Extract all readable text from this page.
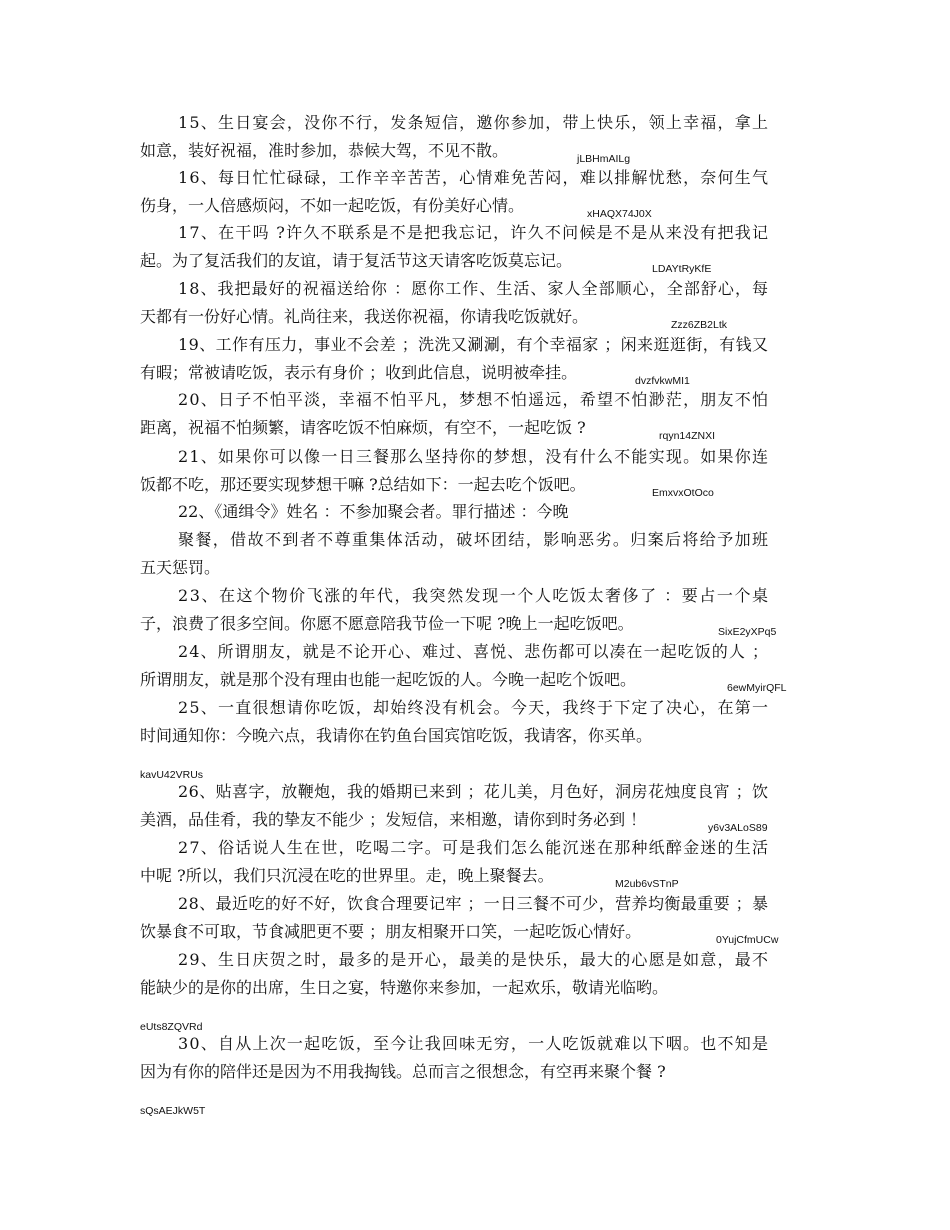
15、生日宴会，没你不行，发条短信，邀你参加，带上快乐，领上幸福，拿上
如意，装好祝福，准时参加，恭候大驾，不见不散。	jLBHmAILg
16、每日忙忙碌碌，工作辛辛苦苦，心情难免苦闷，难以排解忧愁，奈何生气
伤身，一人倍感烦闷，不如一起吃饭，有份美好心情。	xHAQX74J0X
17、在干吗 ?许久不联系是不是把我忘记，许久不问候是不是从来没有把我记
起。为了复活我们的友谊，请于复活节这天请客吃饭莫忘记。	LDAYtRyKfE
18、我把最好的祝福送给你 ：愿你工作、生活、家人全部顺心，全部舒心，每
天都有一份好心情。礼尚往来，我送你祝福，你请我吃饭就好。	Zzz6ZB2Ltk
19、工作有压力，事业不会差 ；洗洗又涮涮，有个幸福家 ；闲来逛逛街，有钱又
有暇；常被请吃饭，表示有身价 ；收到此信息，说明被牵挂。	dvzfvkwMI1
20、日子不怕平淡，幸福不怕平凡，梦想不怕遥远，希望不怕渺茫，朋友不怕
距离，祝福不怕频繁，请客吃饭不怕麻烦，有空不，一起吃饭 ?	rqyn14ZNXI
21、如果你可以像一日三餐那么坚持你的梦想，没有什么不能实现。如果你连
饭都不吃，那还要实现梦想干嘛 ?总结如下：一起去吃个饭吧。	EmxvxOtOco
22、《通缉令》姓名 ：不参加聚会者。罪行描述 ：今晚
聚餐，借故不到者不尊重集体活动，破坏团结，影响恶劣。归案后将给予加班
五天惩罚。
23、在这个物价飞涨的年代，我突然发现一个人吃饭太奢侈了 ：要占一个桌
子，浪费了很多空间。你愿不愿意陪我节俭一下呢 ?晚上一起吃饭吧。	SixE2yXPq5
24、所谓朋友，就是不论开心、难过、喜悦、悲伤都可以凑在一起吃饭的人 ；
所谓朋友，就是那个没有理由也能一起吃饭的人。今晚一起吃个饭吧。	6ewMyirQFL
25、一直很想请你吃饭，却始终没有机会。今天，我终于下定了决心，在第一
时间通知你：今晚六点，我请你在钓鱼台国宾馆吃饭，我请客，你买单。
kavU42VRUs
26、贴喜字，放鞭炮，我的婚期已来到 ；花儿美，月色好，洞房花烛度良宵 ；饮
美酒，品佳肴，我的挚友不能少 ；发短信，来相邀，请你到时务必到 ！	y6v3ALoS89
27、俗话说人生在世，吃喝二字。可是我们怎么能沉迷在那种纸醉金迷的生活
中呢 ?所以，我们只沉浸在吃的世界里。走，晚上聚餐去。	M2ub6vSTnP
28、最近吃的好不好，饮食合理要记牢 ；一日三餐不可少，营养均衡最重要 ；暴
饮暴食不可取，节食减肥更不要 ；朋友相聚开口笑，一起吃饭心情好。	0YujCfmUCw
29、生日庆贺之时，最多的是开心，最美的是快乐，最大的心愿是如意，最不
能缺少的是你的出席，生日之宴，特邀你来参加，一起欢乐，敬请光临哟。
eUts8ZQVRd
30、自从上次一起吃饭，至今让我回味无穷，一人吃饭就难以下咽。也不知是
因为有你的陪伴还是因为不用我掏钱。总而言之很想念，有空再来聚个餐 ?
sQsAEJkW5T
